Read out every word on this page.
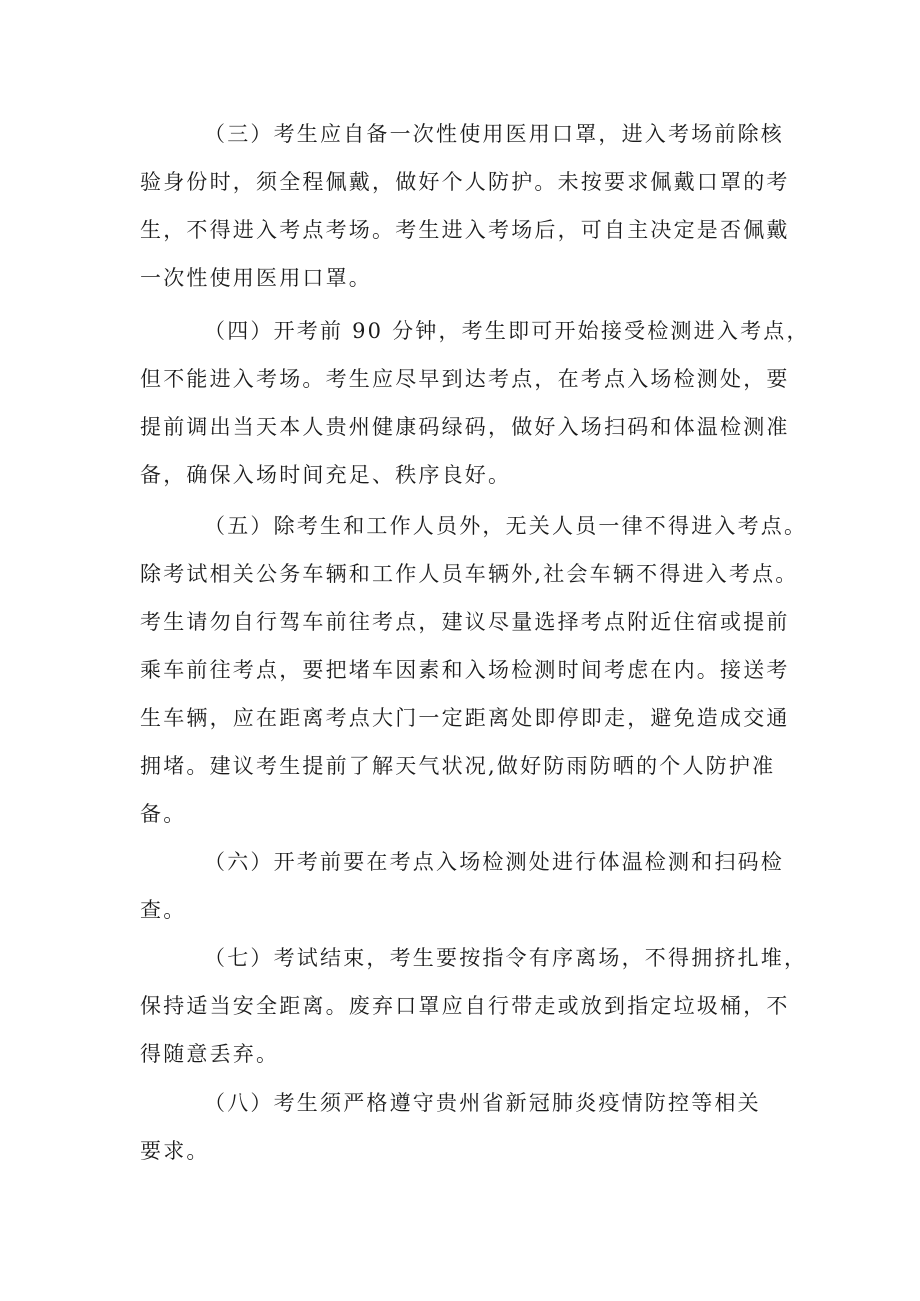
（三）考生应自备一次性使用医用口罩，进入考场前除核
验身份时，须全程佩戴，做好个人防护。未按要求佩戴口罩的考
生，不得进入考点考场。考生进入考场后，可自主决定是否佩戴
一次性使用医用口罩。

（四）开考前 90 分钟，考生即可开始接受检测进入考点，
但不能进入考场。考生应尽早到达考点，在考点入场检测处，要
提前调出当天本人贵州健康码绿码，做好入场扫码和体温检测准
备，确保入场时间充足、秩序良好。

（五）除考生和工作人员外，无关人员一律不得进入考点。
除考试相关公务车辆和工作人员车辆外,社会车辆不得进入考点。
考生请勿自行驾车前往考点，建议尽量选择考点附近住宿或提前
乘车前往考点，要把堵车因素和入场检测时间考虑在内。接送考
生车辆，应在距离考点大门一定距离处即停即走，避免造成交通
拥堵。建议考生提前了解天气状况,做好防雨防晒的个人防护准
备。

（六）开考前要在考点入场检测处进行体温检测和扫码检
查。

（七）考试结束，考生要按指令有序离场，不得拥挤扎堆，
保持适当安全距离。废弃口罩应自行带走或放到指定垃圾桶，不
得随意丢弃。

（八）考生须严格遵守贵州省新冠肺炎疫情防控等相关
要求。
